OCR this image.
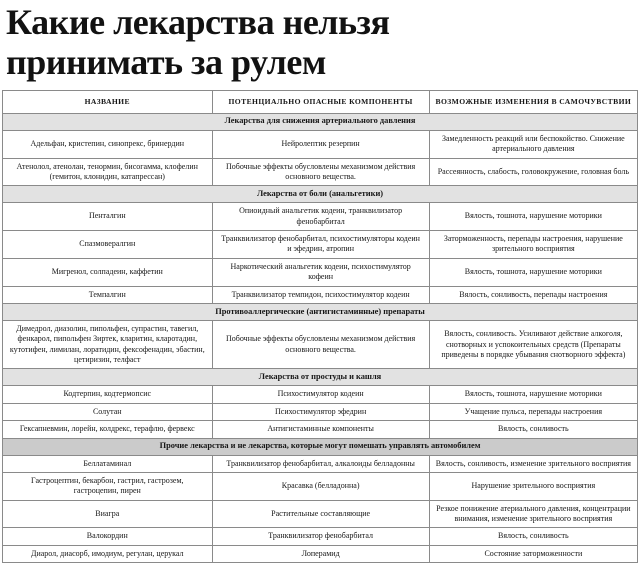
Какие лекарства нельзя принимать за рулем
НАЗВАНИЕ	ПОТЕНЦИАЛЬНО ОПАСНЫЕ КОМПОНЕНТЫ	ВОЗМОЖНЫЕ ИЗМЕНЕНИЯ В САМОЧУВСТВИИ
Лекарства для снижения артериального давления		
Адельфан, кристепин, синопрекс, бринердин	Нейролептик резерпин	Замедленность реакций или беспокойство. Снижение артериального давления
Атенолол, атенолан, тенормин, бисогамма, клофелин (гемитон, клонидин, катапрессан)	Побочные эффекты обусловлены механизмом действия основного вещества.	Рассеянность, слабость, головокружение, головная боль
Лекарства от боли (анальгетики)		
Пенталгин	Опиоидный анальгетик кодеин, транквилизатор фенобарбитал	Вялость, тошнота, нарушение моторики
Спазмовералгин	Транквилизатор фенобарбитал, психостимуляторы кодеин и эфедрин, атропин	Заторможенность, перепады настроения, нарушение зрительного восприятия
Мигренол, солпадеин, каффетин	Наркотический анальгетик кодеин, психостимулятор кофеин	Вялость, тошнота, нарушение моторики
Темпалгин	Транквилизатор темпидон, психостимулятор кодеин	Вялость, сонливость, перепады настроения
Противоаллергические (антигистаминные) препараты		
Димедрол, диазолин, пипольфен, супрастин, тавегил, фенкарол, пипольфен Зиртек, кларитин, кларотадин, кутотифен, лимилан, лоратидин, фексофенадин, эбастин, цетиризин, телфаст	Побочные эффекты обусловлены механизмом действия основного вещества.	Вялость, сонливость. Усиливают действие алкоголя, снотворных и успокоительных средств (Препараты приведены в порядке убывания снотворного эффекта)
Лекарства от простуды и кашля		
Кодтерпин, кодтермопсис	Психостимулятор кодеин	Вялость, тошнота, нарушение моторики
Солутан	Психостимулятор эфедрин	Учащение пульса, перепады настроения
Гексапневмин, лорейн, колдрекс, терафлю, фервекс	Антигистаминные компоненты	Вялость, сонливость
Прочие лекарства и не лекарства, которые могут помешать управлять автомобилем		
Беллатаминал	Транквилизатор фенобарбитал, алкалоиды белладонны	Вялость, сонливость, изменение зрительного восприятия
Гастроцептин, бекарбон, гастрил, гастрозем, гастроцепин, пирен	Красавка (белладонна)	Нарушение зрительного восприятия
Виагра	Растительные составляющие	Резкое понижение атериального давления, концентрации внимания, изменение зрительного восприятия
Валокордин	Транквилизатор фенобарбитал	Вялость, сонливость
Диарол, диасорб, имодиум, регулан, церукал	Лоперамид	Состояние заторможенности
